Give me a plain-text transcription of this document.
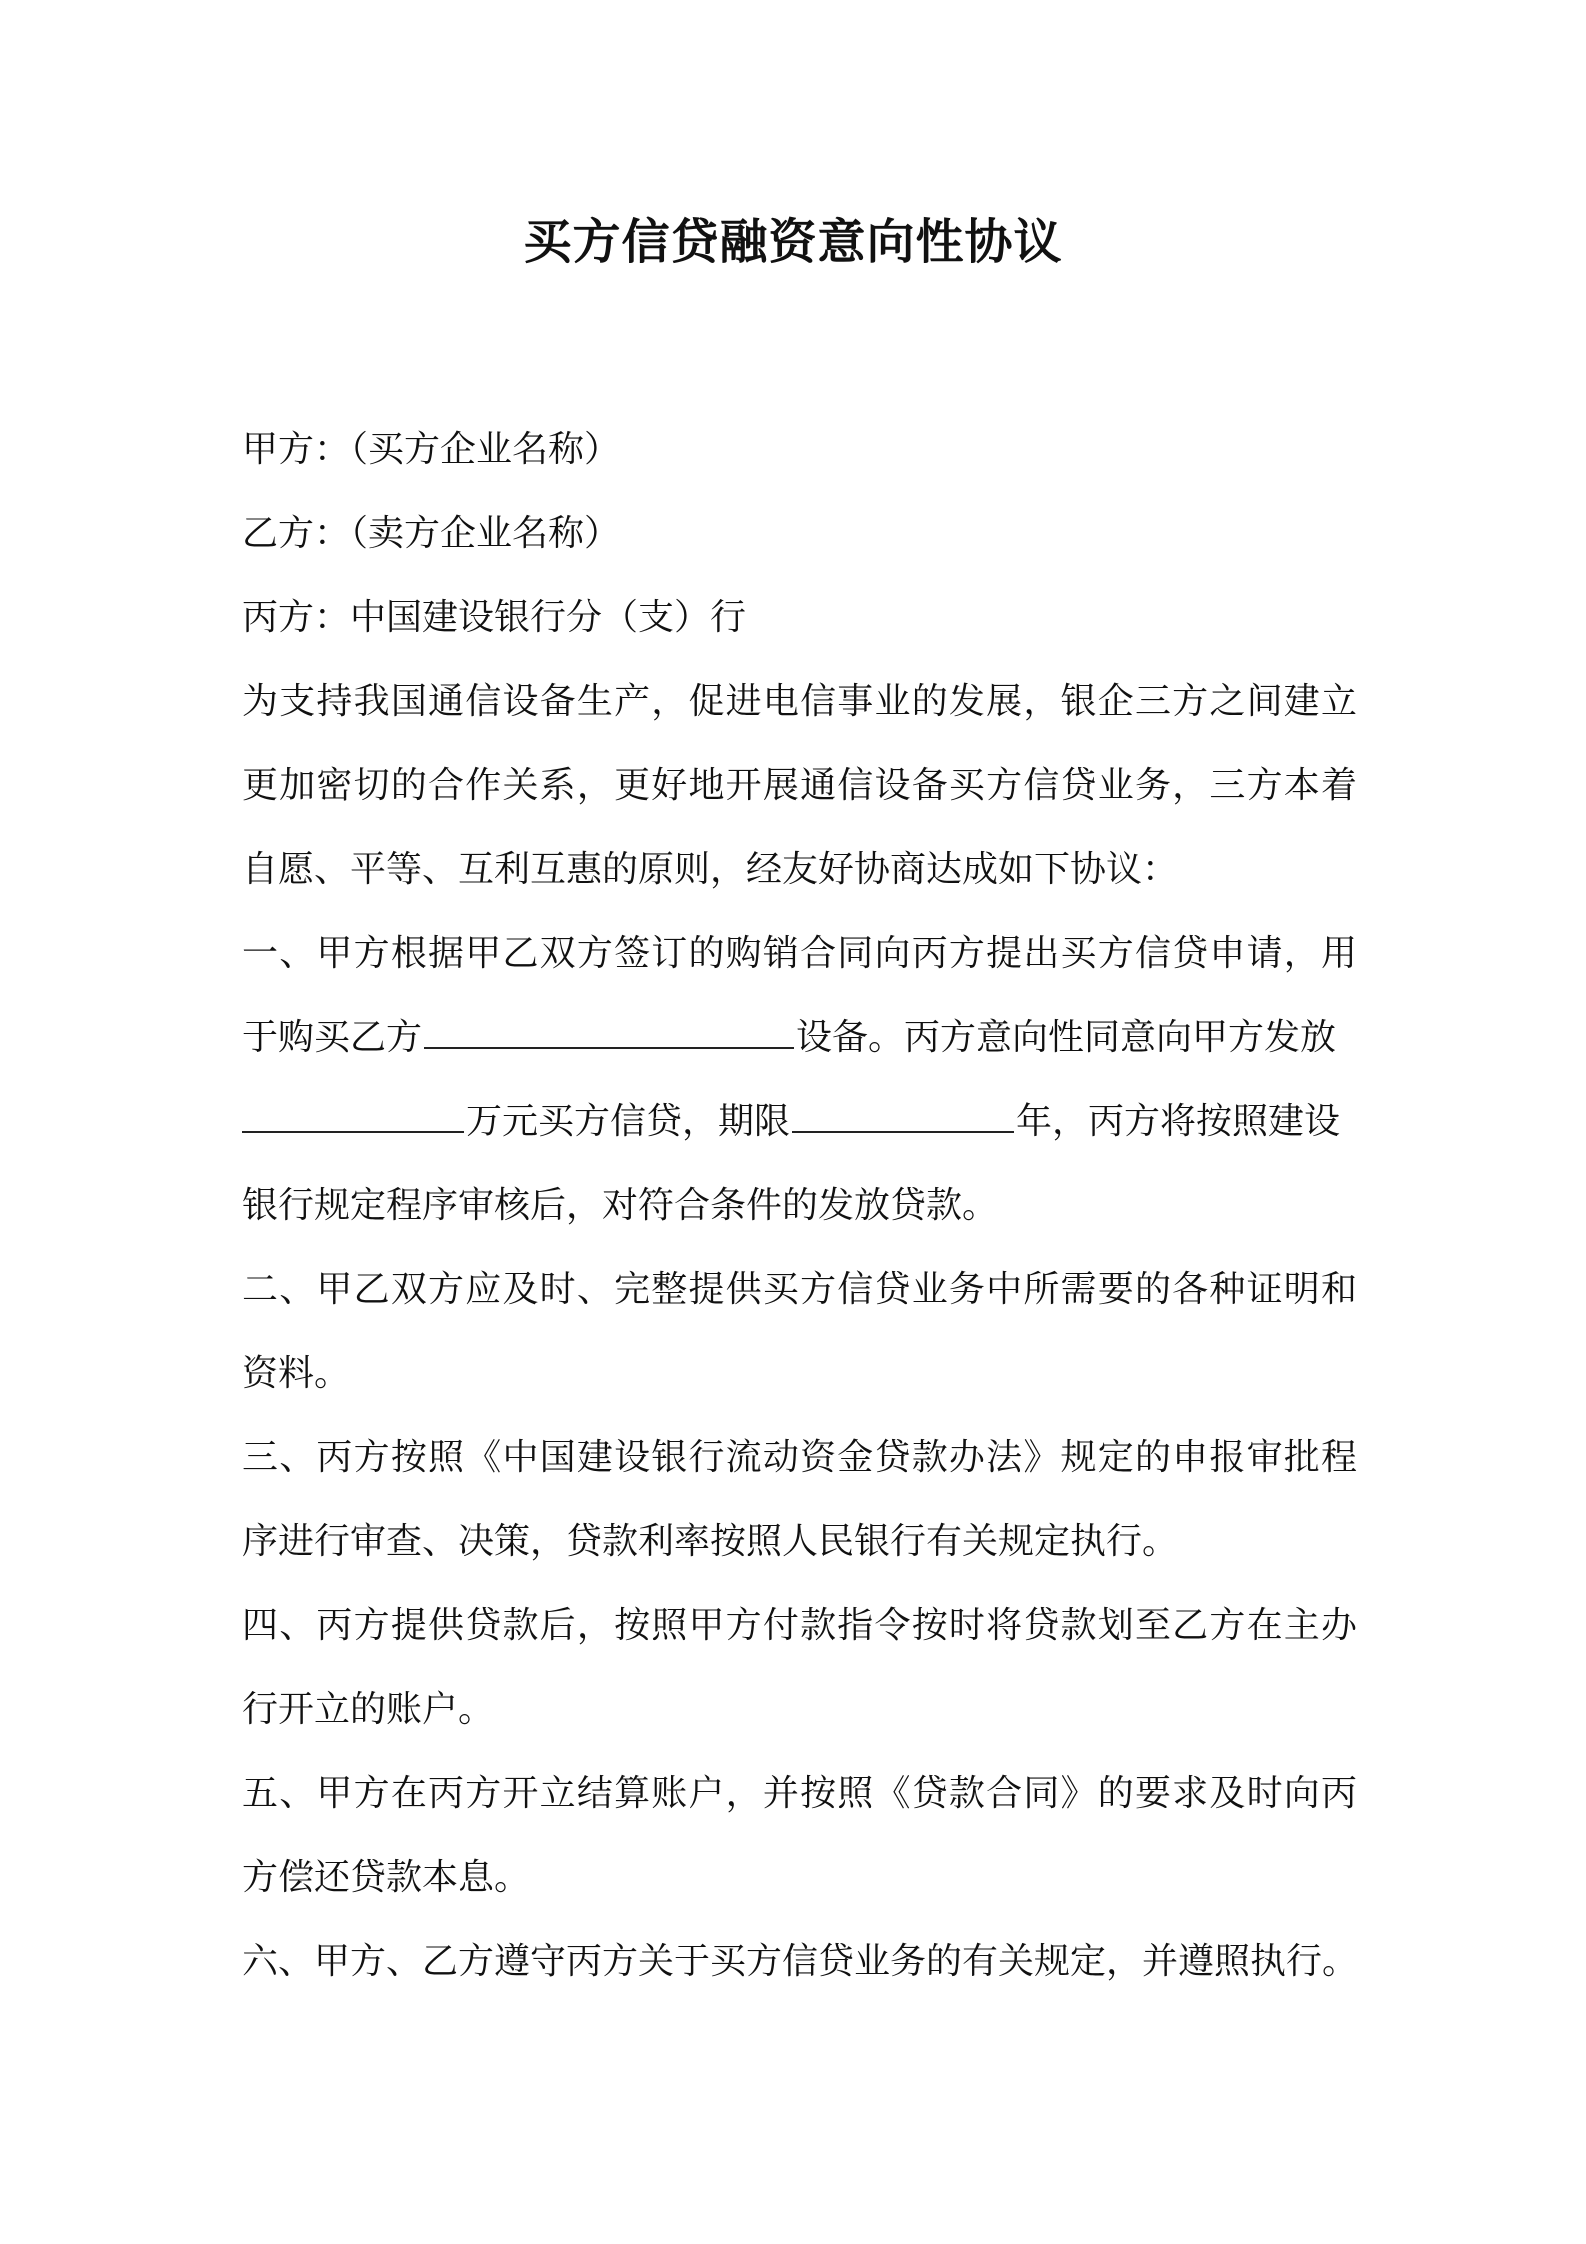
买方信贷融资意向性协议
甲方：（买方企业名称）
乙方：（卖方企业名称）
丙方：中国建设银行分（支）行
为支持我国通信设备生产，促进电信事业的发展，银企三方之间建立
更加密切的合作关系，更好地开展通信设备买方信贷业务，三方本着
自愿、平等、互利互惠的原则，经友好协商达成如下协议：
一、甲方根据甲乙双方签订的购销合同向丙方提出买方信贷申请，用
于购买乙方	设备。丙方意向性同意向甲方发放
万元买方信贷，期限	年，丙方将按照建设
银行规定程序审核后，对符合条件的发放贷款。
二、甲乙双方应及时、完整提供买方信贷业务中所需要的各种证明和
资料。
三、丙方按照《中国建设银行流动资金贷款办法》规定的申报审批程
序进行审查、决策，贷款利率按照人民银行有关规定执行。
四、丙方提供贷款后，按照甲方付款指令按时将贷款划至乙方在主办
行开立的账户。
五、甲方在丙方开立结算账户，并按照《贷款合同》的要求及时向丙
方偿还贷款本息。
六、甲方、乙方遵守丙方关于买方信贷业务的有关规定，并遵照执行。
